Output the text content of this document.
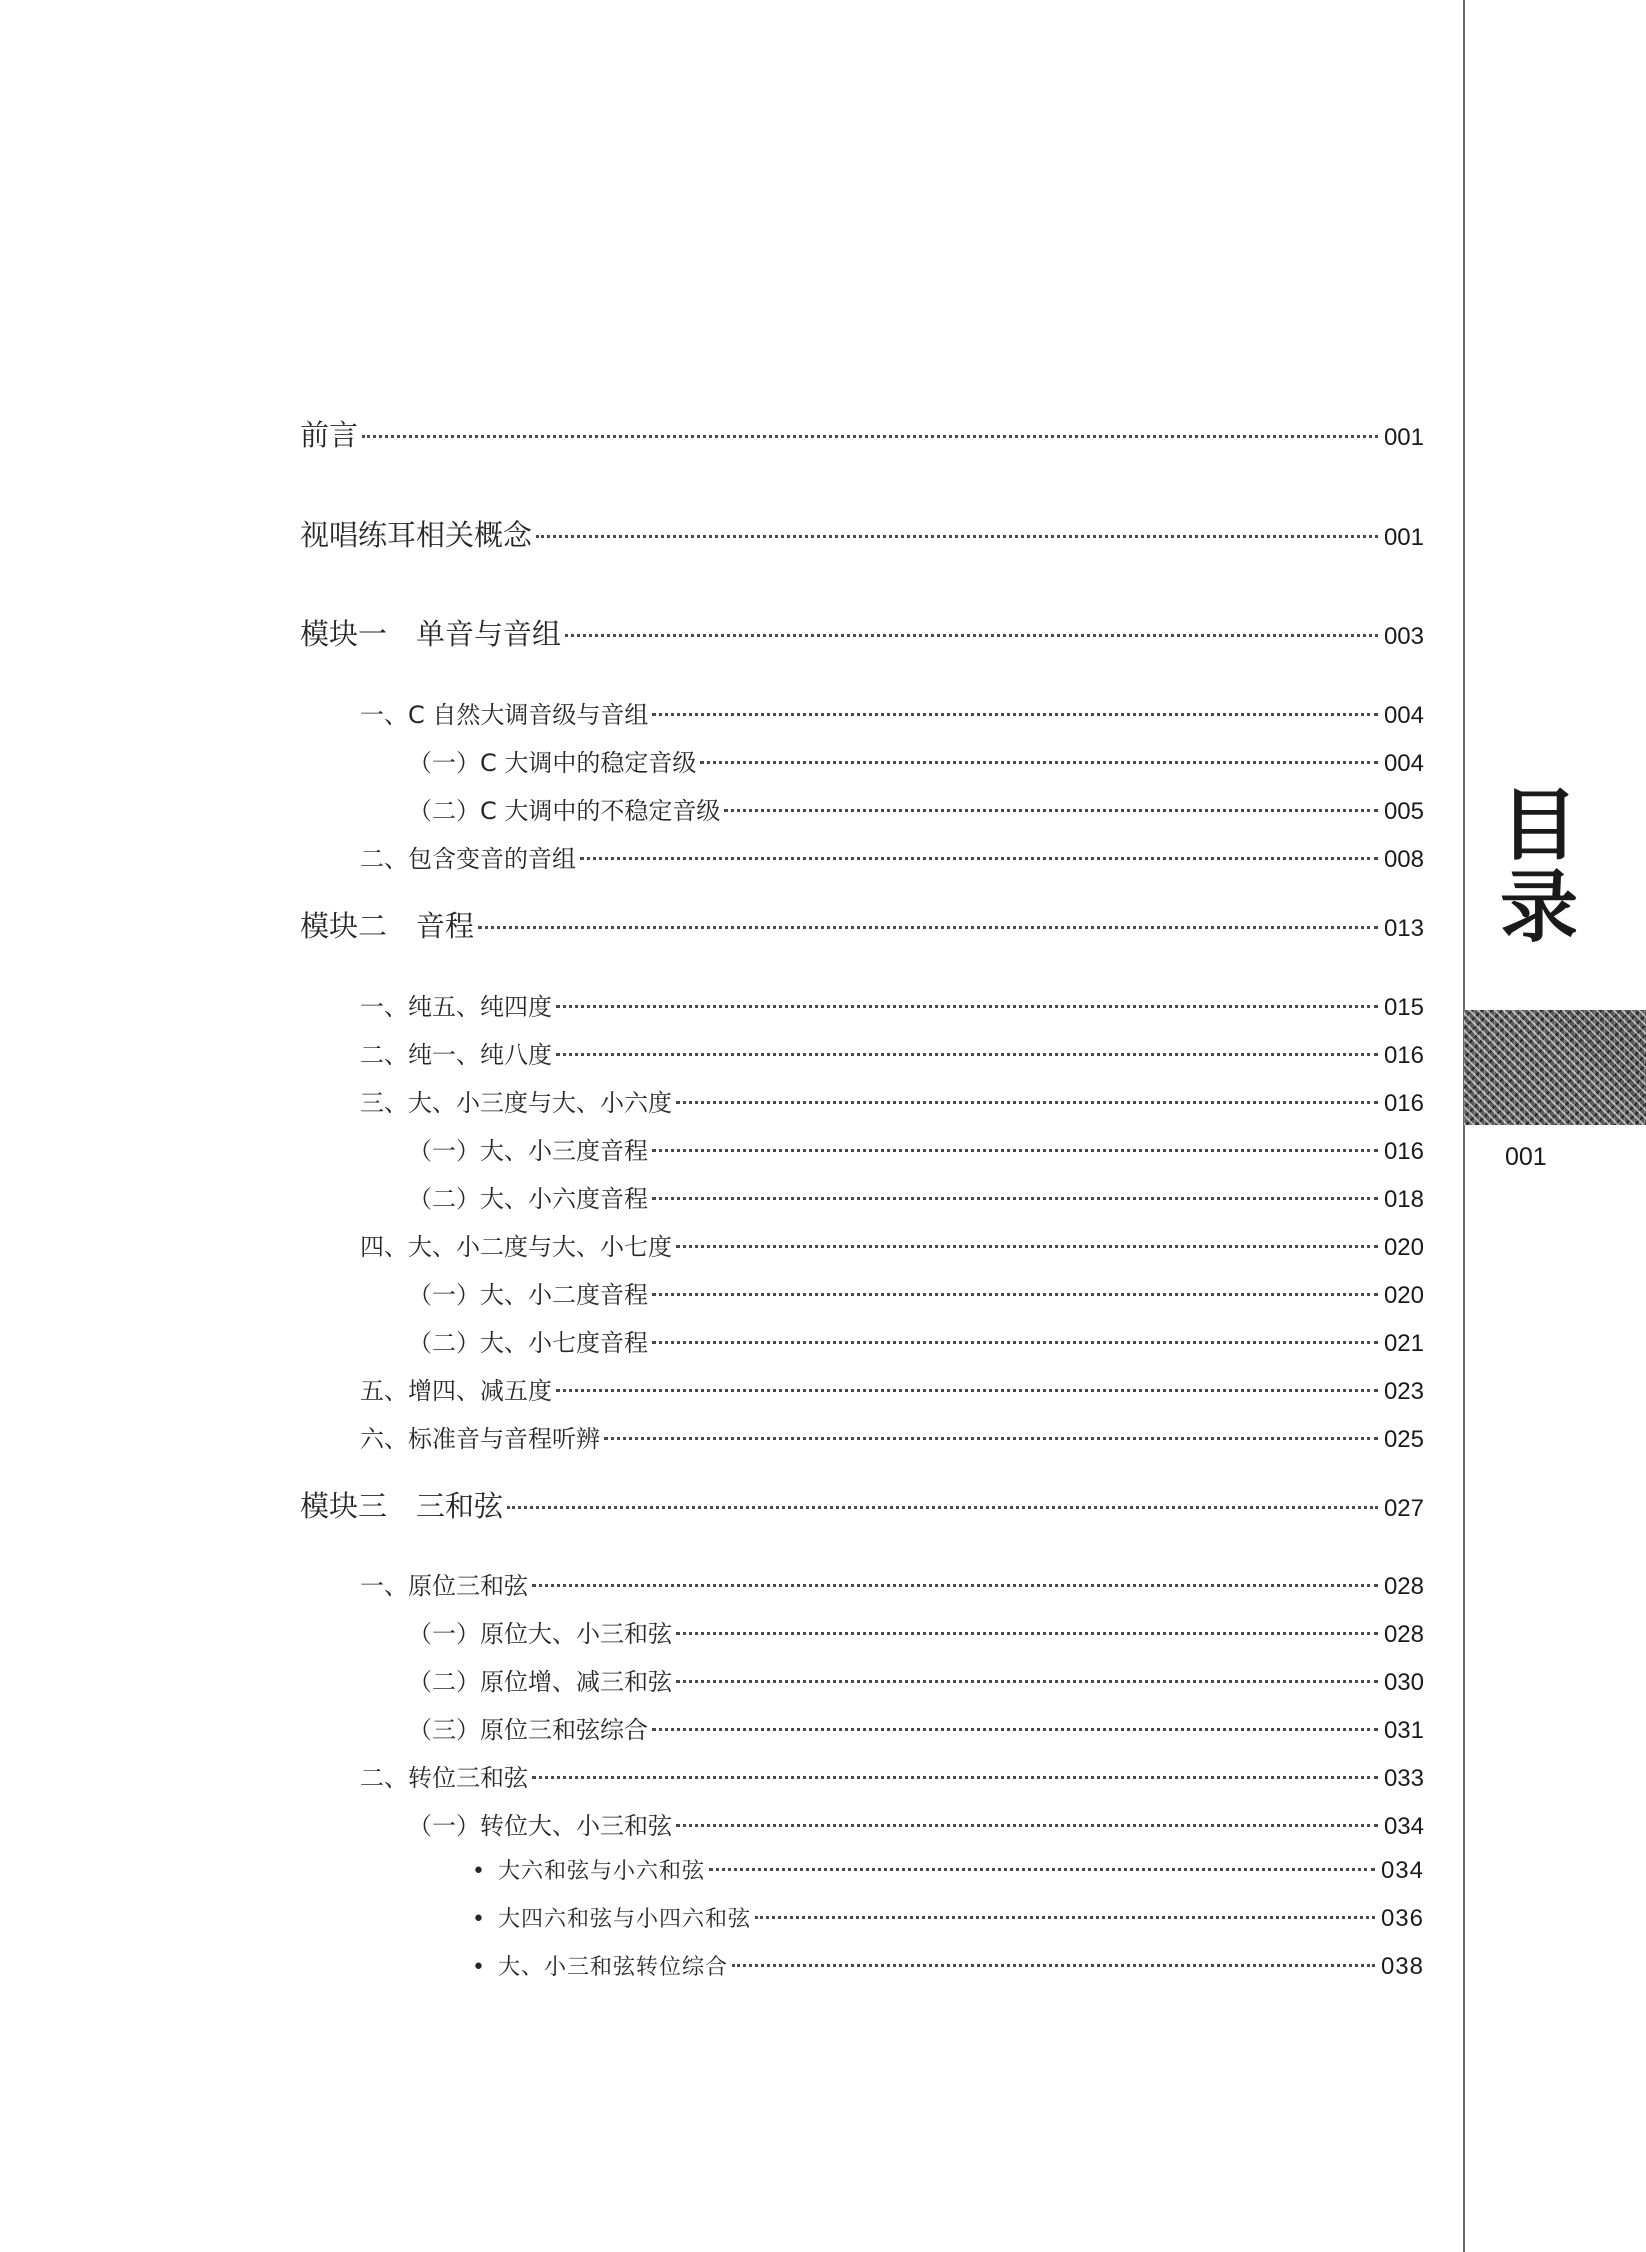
目
录
001
前言	001
视唱练耳相关概念	001
模块一　单音与音组	003
一、C 自然大调音级与音组	004
（一）C 大调中的稳定音级	004
（二）C 大调中的不稳定音级	005
二、包含变音的音组	008
模块二　音程	013
一、纯五、纯四度	015
二、纯一、纯八度	016
三、大、小三度与大、小六度	016
（一）大、小三度音程	016
（二）大、小六度音程	018
四、大、小二度与大、小七度	020
（一）大、小二度音程	020
（二）大、小七度音程	021
五、增四、减五度	023
六、标准音与音程听辨	025
模块三　三和弦	027
一、原位三和弦	028
（一）原位大、小三和弦	028
（二）原位增、减三和弦	030
（三）原位三和弦综合	031
二、转位三和弦	033
（一）转位大、小三和弦	034
• 大六和弦与小六和弦	034
• 大四六和弦与小四六和弦	036
• 大、小三和弦转位综合	038
